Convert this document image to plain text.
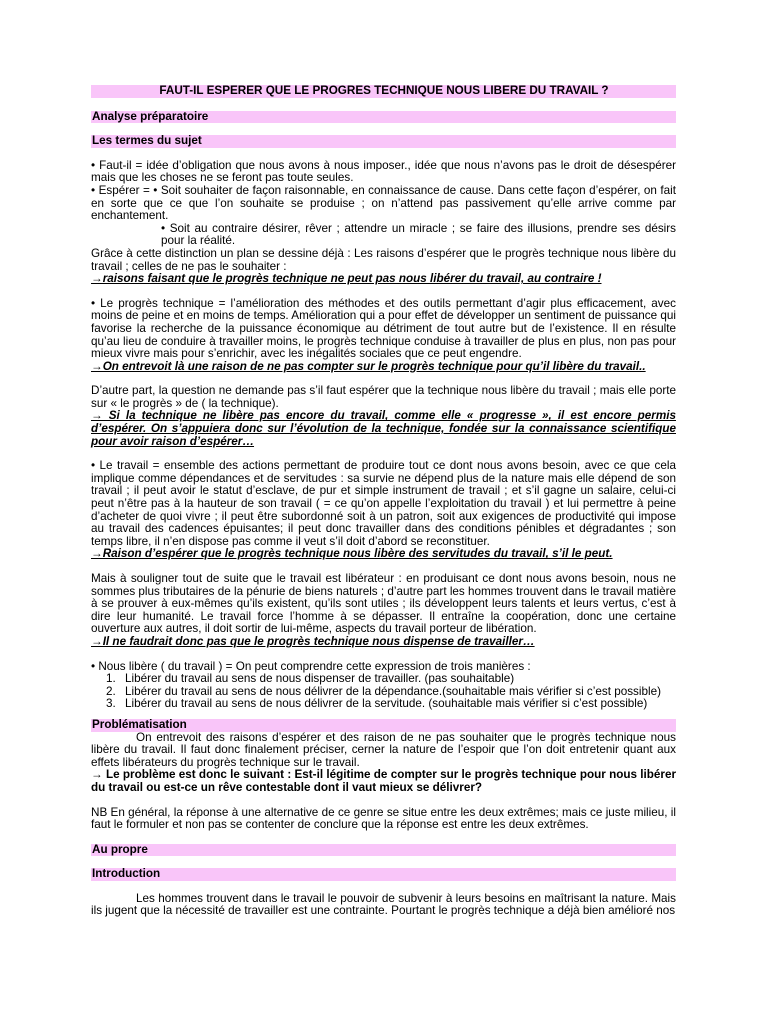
FAUT-IL ESPERER QUE LE PROGRES TECHNIQUE NOUS LIBERE DU TRAVAIL ?
Analyse préparatoire
Les termes du sujet

• Faut-il = idée d’obligation que nous avons à nous imposer., idée que nous n’avons pas le droit de désespérer mais que les choses ne se feront pas toute seules.

• Espérer = • Soit souhaiter de façon raisonnable, en connaissance de cause. Dans cette façon d’espérer, on fait en sorte que ce que l’on souhaite se produise ; on n’attend pas passivement qu’elle arrive comme par enchantement.

• Soit au contraire désirer, rêver ; attendre un miracle ; se faire des illusions, prendre ses désirs pour la réalité.

Grâce à cette distinction un plan se dessine déjà : Les raisons d’espérer que le progrès technique nous libère du travail ; celles de ne pas le souhaiter :

→raisons faisant que le progrès technique ne peut pas nous libérer du travail, au contraire !

• Le progrès technique = l’amélioration des méthodes et des outils permettant d’agir plus efficacement, avec moins de peine et en moins de temps. Amélioration qui a pour effet de développer un sentiment de puissance qui favorise la recherche de la puissance économique au détriment de tout autre but de l’existence. Il en résulte qu’au lieu de conduire à travailler moins, le progrès technique conduise à travailler de plus en plus, non pas pour mieux vivre mais pour s’enrichir, avec les inégalités sociales que ce peut engendre.

→On entrevoit là une raison de ne pas compter sur le progrès technique pour qu’il libère du travail..

D’autre part, la question ne demande pas s’il faut espérer que la technique nous libère du travail ; mais elle porte sur « le progrès » de ( la technique).

→ Si la technique ne libère pas encore du travail, comme elle « progresse », il est encore permis d’espérer. On s’appuiera donc sur l’évolution de la technique, fondée sur la connaissance scientifique pour avoir raison d’espérer…

• Le travail = ensemble des actions permettant de produire tout ce dont nous avons besoin, avec ce que cela implique comme dépendances et de servitudes : sa survie ne dépend plus de la nature mais elle dépend de son travail ; il peut avoir le statut d’esclave, de pur et simple instrument de travail ; et s’il gagne un salaire, celui-ci peut n’être pas à la hauteur de son travail ( = ce qu’on appelle l’exploitation du travail ) et lui permettre à peine d’acheter de quoi vivre ; il peut être subordonné soit à un patron, soit aux exigences de productivité qui impose au travail des cadences épuisantes; il peut donc travailler dans des conditions pénibles et dégradantes ; son temps libre, il n’en dispose pas comme il veut s’il doit d’abord se reconstituer.

→Raison d’espérer que le progrès technique nous libère des servitudes du travail, s’il le peut.

Mais à souligner tout de suite que le travail est libérateur : en produisant ce dont nous avons besoin, nous ne sommes plus tributaires de la pénurie de biens naturels ; d’autre part les hommes trouvent dans le travail matière à se prouver à eux-mêmes qu’ils existent, qu’ils sont utiles ; ils développent leurs talents et leurs vertus, c’est à dire leur humanité. Le travail force l’homme à se dépasser. Il entraîne la coopération, donc une certaine ouverture aux autres, il doit sortir de lui-même, aspects du travail porteur de libération.

→Il ne faudrait donc pas que le progrès technique nous dispense de travailler…

• Nous libère ( du travail ) = On peut comprendre cette expression de trois manières :

1. Libérer du travail au sens de nous dispenser de travailler. (pas souhaitable)
2. Libérer du travail au sens de nous délivrer de la dépendance.(souhaitable mais vérifier si c’est possible)
3. Libérer du travail au sens de nous délivrer de la servitude. (souhaitable mais vérifier si c’est possible)
Problématisation

On entrevoit des raisons d’espérer et des raison de ne pas souhaiter que le progrès technique nous libère du travail. Il faut donc finalement préciser, cerner la nature de l’espoir que l’on doit entretenir quant aux effets libérateurs du progrès technique sur le travail.

→ Le problème est donc le suivant : Est-il légitime de compter sur le progrès technique pour nous libérer du travail ou est-ce un rêve contestable dont il vaut mieux se délivrer?

NB En général, la réponse à une alternative de ce genre se situe entre les deux extrêmes; mais ce juste milieu, il faut le formuler et non pas se contenter de conclure que la réponse est entre les deux extrêmes.

Au propre
Introduction

Les hommes trouvent dans le travail le pouvoir de subvenir à leurs besoins en maîtrisant la nature. Mais ils jugent que la nécessité de travailler est une contrainte. Pourtant le progrès technique a déjà bien amélioré nos
